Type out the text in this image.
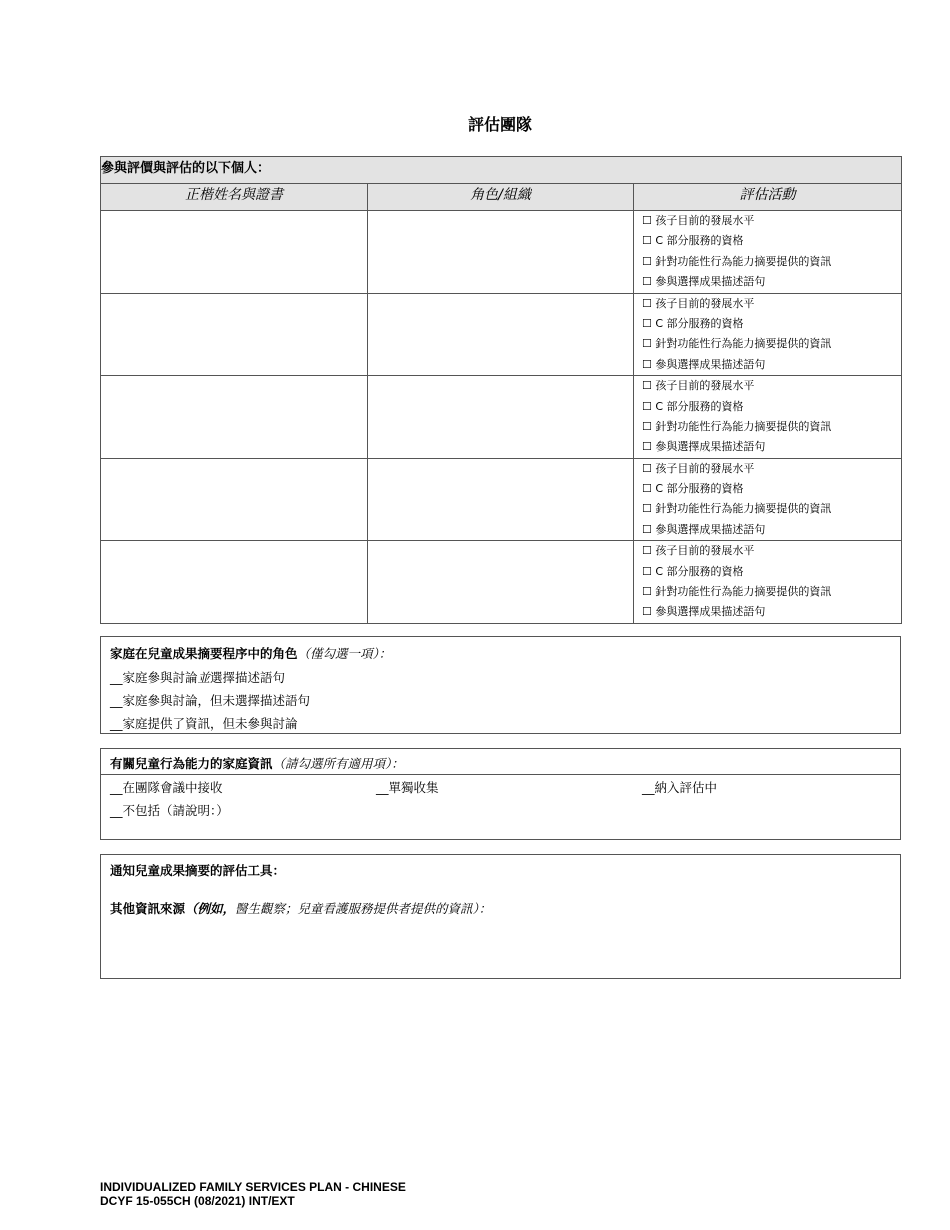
評估團隊
參與評價與評估的以下個人：		
正楷姓名與證書	角色/組織	評估活動

		☐ 孩子目前的發展水平
☐ C 部分服務的資格
☐ 針對功能性行為能力摘要提供的資訊
☐ 參與選擇成果描述語句

		☐ 孩子目前的發展水平
☐ C 部分服務的資格
☐ 針對功能性行為能力摘要提供的資訊
☐ 參與選擇成果描述語句

		☐ 孩子目前的發展水平
☐ C 部分服務的資格
☐ 針對功能性行為能力摘要提供的資訊
☐ 參與選擇成果描述語句

		☐ 孩子目前的發展水平
☐ C 部分服務的資格
☐ 針對功能性行為能力摘要提供的資訊
☐ 參與選擇成果描述語句

		☐ 孩子目前的發展水平
☐ C 部分服務的資格
☐ 針對功能性行為能力摘要提供的資訊
☐ 參與選擇成果描述語句
家庭在兒童成果摘要程序中的角色（僅勾選一項）：
__家庭參與討論並選擇描述語句
__家庭參與討論，但未選擇描述語句
__家庭提供了資訊，但未參與討論
有關兒童行為能力的家庭資訊（請勾選所有適用項）：
__在團隊會議中接收	__單獨收集	__納入評估中
__不包括（請說明：）
通知兒童成果摘要的評估工具：
其他資訊來源（例如，醫生觀察；兒童看護服務提供者提供的資訊）：
INDIVIDUALIZED FAMILY SERVICES PLAN - CHINESE
DCYF 15-055CH (08/2021) INT/EXT
